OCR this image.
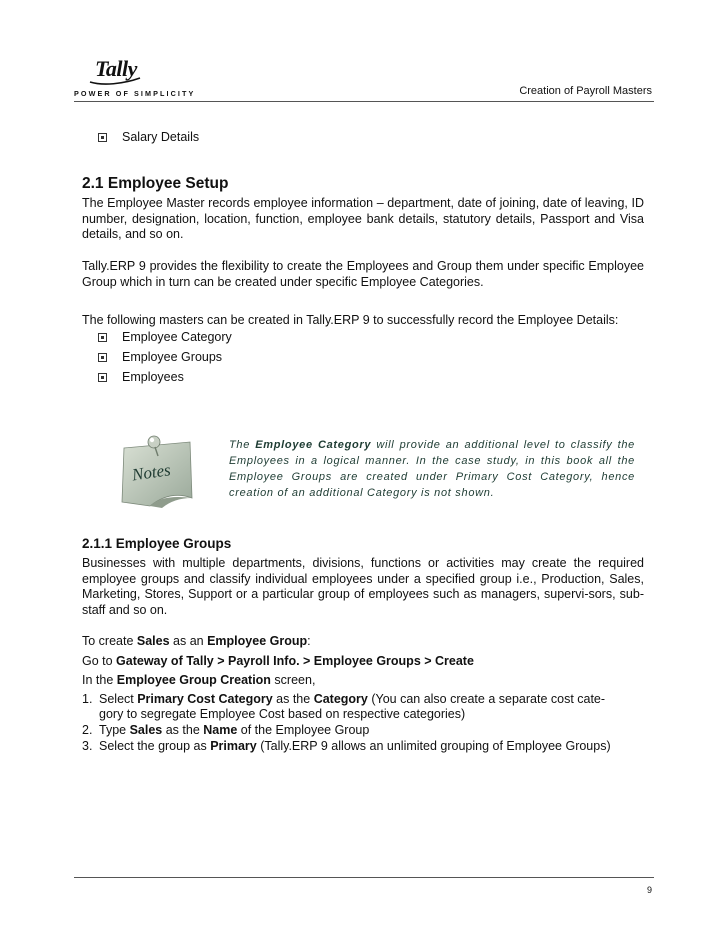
Tally
POWER OF SIMPLICITY	Creation of Payroll Masters
Salary Details
2.1 Employee Setup
The Employee Master records employee information – department, date of joining, date of leaving, ID number, designation, location, function, employee bank details, statutory details, Passport and Visa details, and so on.
Tally.ERP 9 provides the flexibility to create the Employees and Group them under specific Employee Group which in turn can be created under specific Employee Categories.
The following masters can be created in Tally.ERP 9 to successfully record the Employee Details:
Employee Category
Employee Groups
Employees
Notes
The Employee Category will provide an additional level to classify the Employees in a logical manner. In the case study, in this book all the Employee Groups are created under Primary Cost Category, hence creation of an additional Category is not shown.
2.1.1 Employee Groups
Businesses with multiple departments, divisions, functions or activities may create the required employee groups and classify individual employees under a specified group i.e., Production, Sales, Marketing, Stores, Support or a particular group of employees such as managers, supervi-sors, sub-staff and so on.
To create Sales as an Employee Group:
Go to Gateway of Tally > Payroll Info. > Employee Groups > Create
In the Employee Group Creation screen,
1. Select Primary Cost Category as the Category (You can also create a separate cost cate-
gory to segregate Employee Cost based on respective categories)
2. Type Sales as the Name of the Employee Group
3. Select the group as Primary (Tally.ERP 9 allows an unlimited grouping of Employee Groups)
9
